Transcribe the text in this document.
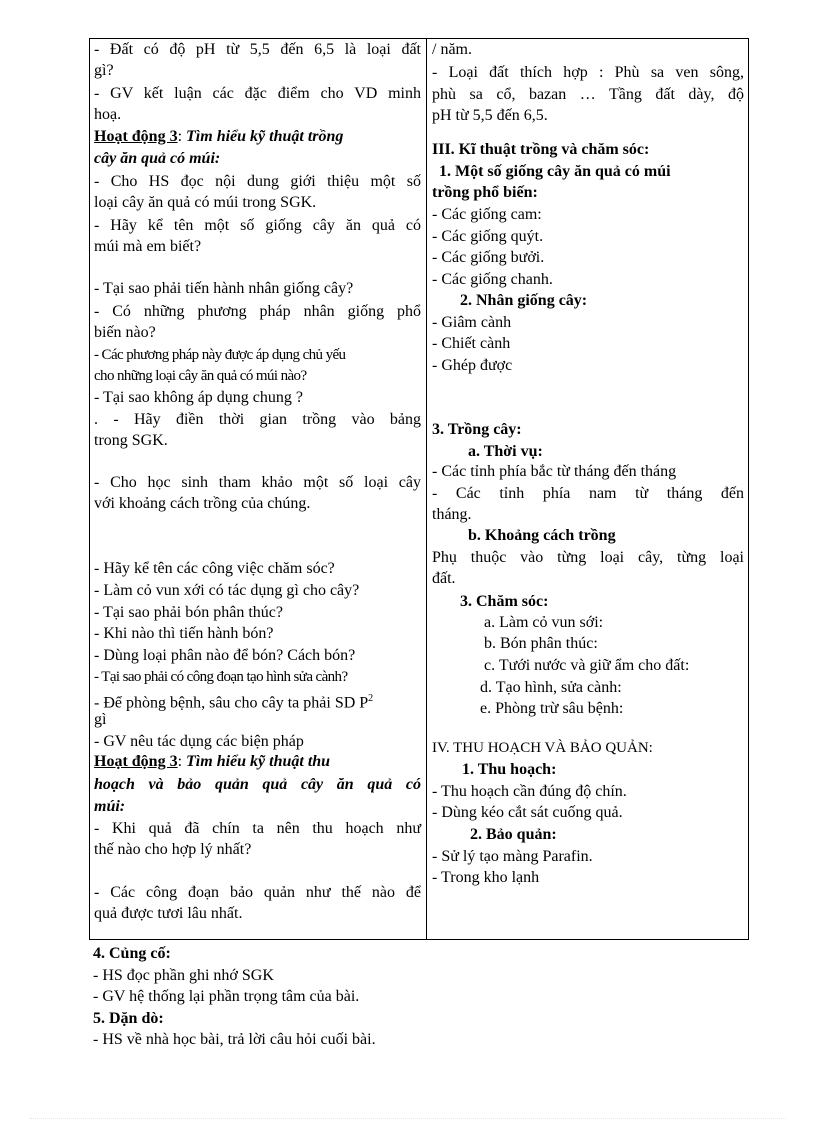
- Đất có độ pH từ 5,5 đến 6,5 là loại đất
gì?
- GV kết luận các đặc điểm cho VD minh
hoạ.
Hoạt động 3: Tìm hiểu kỹ thuật trồng
cây ăn quả có múi:
- Cho HS đọc nội dung giới thiệu một số
loại cây ăn quả có múi trong SGK.
- Hãy kể tên một số giống cây ăn quả có
múi mà em biết?
- Tại sao phải tiến hành nhân giống cây?
- Có những phương pháp nhân giống phổ
biến nào?
- Các phương pháp này được áp dụng chủ yếu
cho những loại cây ăn quả có múi nào?
- Tại sao không áp dụng chung ?
. - Hãy điền thời gian trồng vào bảng
trong SGK.
- Cho học sinh tham khảo một số loại cây
với khoảng cách trồng của chúng.
- Hãy kể tên các công việc chăm sóc?
- Làm cỏ vun xới có tác dụng gì cho cây?
- Tại sao phải bón phân thúc?
- Khi nào thì tiến hành bón?
- Dùng loại phân nào để bón? Cách bón?
- Tại sao phải có công đoạn tạo hình sửa cành?
- Để phòng bệnh, sâu cho cây ta phải SD $P^2$
gì
- GV nêu tác dụng các biện pháp
Hoạt động 3: Tìm hiểu kỹ thuật thu
hoạch và bảo quản quả cây ăn quả có
múi:
- Khi quả đã chín ta nên thu hoạch như
thế nào cho hợp lý nhất?
- Các công đoạn bảo quản như thế nào để
quả được tươi lâu nhất.
/ năm.
- Loại đất thích hợp : Phù sa ven sông,
phù sa cổ, bazan … Tầng đất dày, độ
pH từ 5,5 đến 6,5.
III. Kĩ thuật trồng và chăm sóc:
1. Một số giống cây ăn quả có múi
trồng phổ biến:
- Các giống cam:
- Các giống quýt.
- Các giống bưởi.
- Các giống chanh.
2. Nhân giống cây:
- Giâm cành
- Chiết cành
- Ghép được
3. Trồng cây:
a. Thời vụ:
- Các tỉnh phía bắc từ tháng đến tháng
- Các tỉnh phía nam từ tháng đến
tháng.
b. Khoảng cách trồng
Phụ thuộc vào từng loại cây, từng loại
đất.
3. Chăm sóc:
a. Làm cỏ vun sới:
b. Bón phân thúc:
c. Tưới nước và giữ ẩm cho đất:
d. Tạo hình, sửa cành:
e. Phòng trừ sâu bệnh:
IV. THU HOẠCH VÀ BẢO QUẢN:
1. Thu hoạch:
- Thu hoạch cần đúng độ chín.
- Dùng kéo cắt sát cuống quả.
2. Bảo quản:
- Sử lý tạo màng Parafin.
- Trong kho lạnh
4. Củng cố:
- HS đọc phần ghi nhớ SGK
- GV hệ thống lại phần trọng tâm của bài.
5. Dặn dò:
- HS về nhà học bài, trả lời câu hỏi cuối bài.
